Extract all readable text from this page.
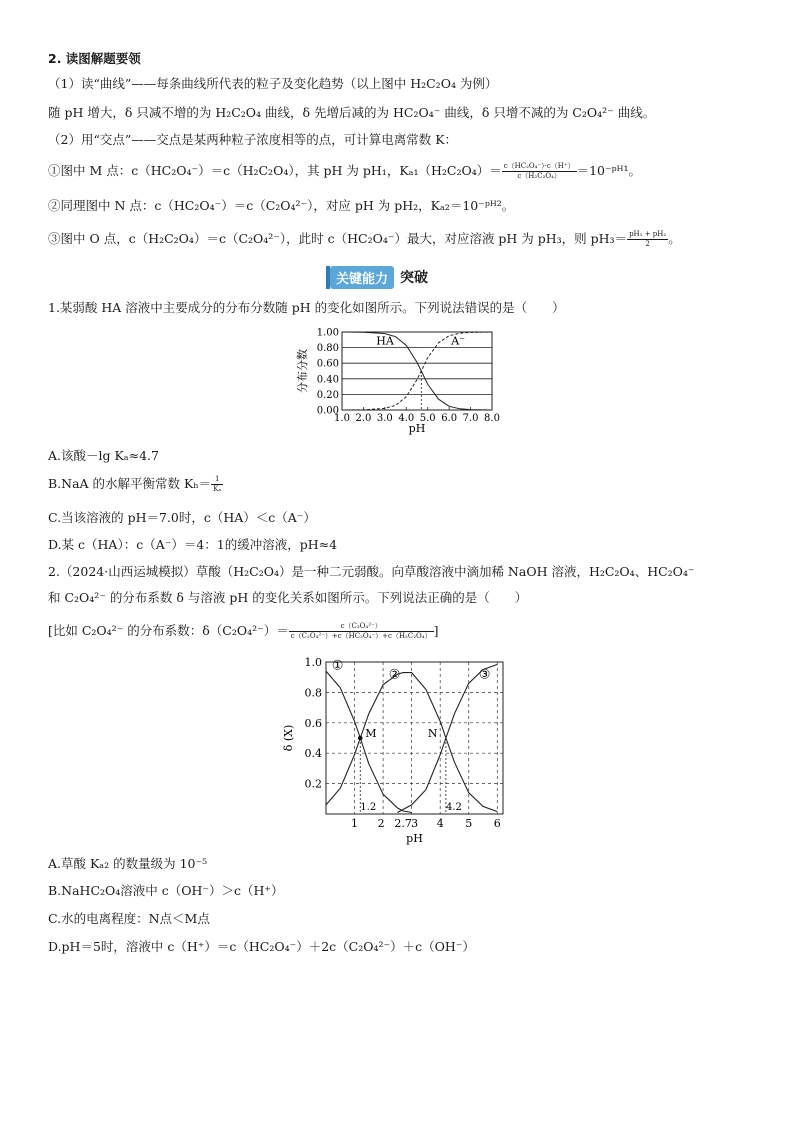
2. 读图解题要领
（1）读“曲线”——每条曲线所代表的粒子及变化趋势（以上图中 H₂C₂O₄ 为例）
随 pH 增大，δ 只减不增的为 H₂C₂O₄ 曲线，δ 先增后减的为 HC₂O₄⁻ 曲线，δ 只增不减的为 C₂O₄²⁻ 曲线。
（2）用“交点”——交点是某两种粒子浓度相等的点，可计算电离常数 K：
①图中 M 点：c（HC₂O₄⁻）＝c（H₂C₂O₄），其 pH 为 pH₁，$K_{a1}(H_2C_2O_4)= \frac{\text{c（HC₂O₄⁻）·c（H⁺）}}{\text{c（H₂C₂O₄）}}$ ＝10⁻ᵖᴴ¹。
②同理图中 N 点：c（HC₂O₄⁻）＝c（C₂O₄²⁻），对应 pH 为 pH₂，Kₐ₂＝10⁻ᵖᴴ²。
③图中 O 点，c（H₂C₂O₄）＝c（C₂O₄²⁻），此时 c（HC₂O₄⁻）最大，对应溶液 pH 为 pH₃，则 $pH_3= \frac{\text{pH₁ + pH₂}}{2}$ 。
关键能力 突破
1.某弱酸 HA 溶液中主要成分的分布分数随 pH 的变化如图所示。下列说法错误的是（　　）
0.00
0.20
0.40
0.60
0.80
1.00
1.0 2.0 3.0 4.0 5.0 6.0 7.0 8.0
pH
分布分数
HA	A⁻
A.该酸－lg Kₐ≈4.7
B.NaA 的水解平衡常数 $K_h= \frac{1}{\text{Kₐ}}$
C.当该溶液的 pH＝7.0时，c（HA）＜c（A⁻）
D.某 c（HA）：c（A⁻）＝4：1的缓冲溶液，pH≈4
2.（2024·山西运城模拟）草酸（H₂C₂O₄）是一种二元弱酸。向草酸溶液中滴加稀 NaOH 溶液，H₂C₂O₄、HC₂O₄⁻
和 C₂O₄²⁻ 的分布系数 δ 与溶液 pH 的变化关系如图所示。下列说法正确的是（　　）
[比如 C₂O₄²⁻ 的分布系数：$\delta(C_2O_4^{2-})= \frac{\text{c（C₂O₄²⁻）}}{\text{c（C₂O₄²⁻）+c（HC₂O₄⁻）+c（H₂C₂O₄）}}$ ]
0.2
0.4
0.6
0.8
1.0
1 2 2.7 3 4 5 6
pH
δ (X)
①
②	③
M	N
1.2	4.2
A.草酸 Kₐ₂ 的数量级为 10⁻⁵
B.NaHC₂O₄溶液中 c（OH⁻）＞c（H⁺）
C.水的电离程度：N点＜M点
D.pH＝5时，溶液中 c（H⁺）＝c（HC₂O₄⁻）＋2c（C₂O₄²⁻）＋c（OH⁻）
